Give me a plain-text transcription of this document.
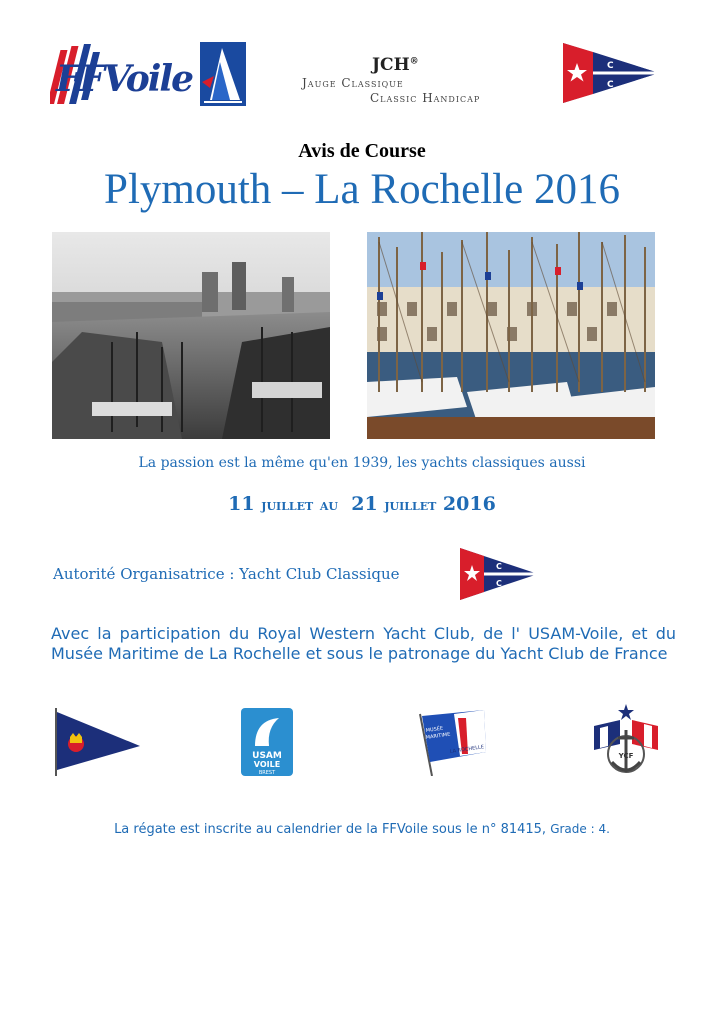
FFVoile	JCH®
Jauge Classique
Classic Handicap
C
C
Avis de Course
Plymouth – La Rochelle 2016
La passion est la même qu'en 1939, les yachts classiques aussi
11 juillet au 21 juillet 2016
Autorité Organisatrice : Yacht Club Classique	C
C
Avec la participation du Royal Western Yacht Club, de l' USAM-Voile, et du Musée Maritime de La Rochelle et sous le patronage du Yacht Club de France
USAM
VOILE
BREST
MUSÉE
MARITIME
LA ROCHELLE
YCF
La régate est inscrite au calendrier de la FFVoile sous le n° 81415, Grade : 4.
